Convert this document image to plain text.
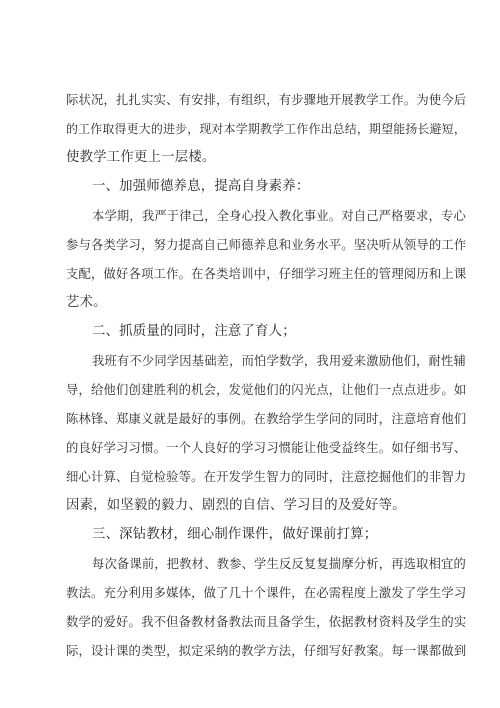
际状况，扎扎实实、有安排，有组织，有步骤地开展教学工作。为使今后
的工作取得更大的进步，现对本学期教学工作作出总结，期望能扬长避短，
使教学工作更上一层楼。
一、加强师德养息，提高自身素养：
本学期，我严于律己，全身心投入教化事业。对自己严格要求，专心
参与各类学习，努力提高自己师德养息和业务水平。坚决听从领导的工作
支配，做好各项工作。在各类培训中，仔细学习班主任的管理阅历和上课
艺术。
二、抓质量的同时，注意了育人；
我班有不少同学因基础差，而怕学数学，我用爱来激励他们，耐性辅
导，给他们创建胜利的机会，发觉他们的闪光点，让他们一点点进步。如
陈林锋、郑康义就是最好的事例。在教给学生学问的同时，注意培育他们
的良好学习习惯。一个人良好的学习习惯能让他受益终生。如仔细书写、
细心计算、自觉检验等。在开发学生智力的同时，注意挖掘他们的非智力
因素，如坚毅的毅力、剧烈的自信、学习目的及爱好等。
三、深钻教材，细心制作课件，做好课前打算；
每次备课前，把教材、教参、学生反反复复揣摩分析，再选取相宜的
教法。充分利用多媒体，做了几十个课件，在必需程度上激发了学生学习
数学的爱好。我不但备教材备教法而且备学生，依据教材资料及学生的实
际，设计课的类型，拟定采纳的教学方法，仔细写好教案。每一课都做到
